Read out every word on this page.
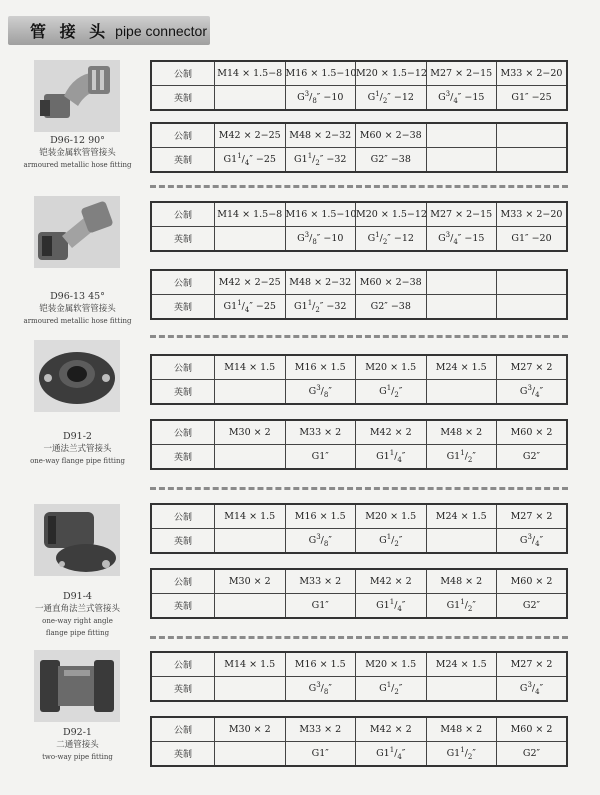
管 接 头 pipe connector
D96-12 90°
铠装金属软管管接头
armoured metallic hose fitting
D96-13 45°
铠装金属软管管接头
armoured metallic hose fitting
D91-2
一通法兰式管接头
one-way flange pipe fitting
D91-4
一通直角法兰式管接头
one-way right angle
flange pipe fitting
D92-1
二通管接头
two-way pipe fitting
公制	M14 × 1.5−8	M16 × 1.5−10	M20 × 1.5−12	M27 × 2−15	M33 × 2−20
英制		$G^3/_8'' -10$	$G^1/_2'' -12$	$G^3/_4'' -15$	G1″ −25
公制	M42 × 2−25	M48 × 2−32	M60 × 2−38		
英制	$G1^1/_4'' -25$	$G1^1/_2'' -32$	G2″ −38		
公制	M14 × 1.5−8	M16 × 1.5−10	M20 × 1.5−12	M27 × 2−15	M33 × 2−20
英制		$G^3/_8'' -10$	$G^1/_2'' -12$	$G^3/_4'' -15$	G1″ −20
公制	M42 × 2−25	M48 × 2−32	M60 × 2−38		
英制	$G1^1/_4'' -25$	$G1^1/_2'' -32$	G2″ −38		
公制	M14 × 1.5	M16 × 1.5	M20 × 1.5	M24 × 1.5	M27 × 2
英制		$G^3/_8''$	$G^1/_2''$		$G^3/_4''$
公制	M30 × 2	M33 × 2	M42 × 2	M48 × 2	M60 × 2
英制		G1″	$G1^1/_4''$	$G1^1/_2''$	G2″
公制	M14 × 1.5	M16 × 1.5	M20 × 1.5	M24 × 1.5	M27 × 2
英制		$G^3/_8''$	$G^1/_2''$		$G^3/_4''$
公制	M30 × 2	M33 × 2	M42 × 2	M48 × 2	M60 × 2
英制		G1″	$G1^1/_4''$	$G1^1/_2''$	G2″
公制	M14 × 1.5	M16 × 1.5	M20 × 1.5	M24 × 1.5	M27 × 2
英制		$G^3/_8''$	$G^1/_2''$		$G^3/_4''$
公制	M30 × 2	M33 × 2	M42 × 2	M48 × 2	M60 × 2
英制		G1″	$G1^1/_4''$	$G1^1/_2''$	G2″
